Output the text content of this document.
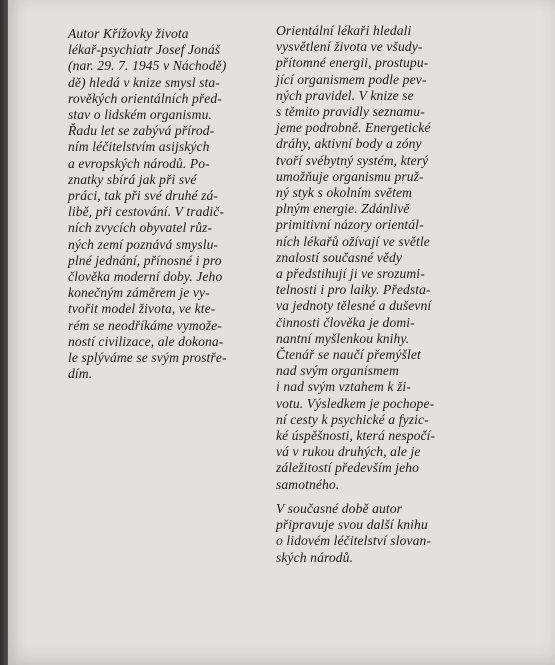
Autor Křížovky života
lékař-psychiatr Josef Jonáš
(nar. 29. 7. 1945 v Náchodě)
dě) hledá v knize smysl sta-
rověkých orientálních před-
stav o lidském organismu.
Řadu let se zabývá přírod-
ním léčitelstvím asijských
a evropských národů. Po-
znatky sbírá jak při své
práci, tak při své druhé zá-
libě, při cestování. V tradič-
ních zvycích obyvatel růz-
ných zemí poznává smyslu-
plné jednání, přínosné i pro
člověka moderní doby. Jeho
konečným záměrem je vy-
tvořit model života, ve kte-
rém se neodříkáme vymože-
ností civilizace, ale dokona-
le splýváme se svým prostře-
dím.
Orientální lékaři hledali
vysvětlení života ve všudy-
přítomné energii, prostupu-
jící organismem podle pev-
ných pravidel. V knize se
s těmito pravidly seznamu-
jeme podrobně. Energetické
dráhy, aktivní body a zóny
tvoří svébytný systém, který
umožňuje organismu pruž-
ný styk s okolním světem
plným energie. Zdánlivě
primitivní názory orientál-
ních lékařů ožívají ve světle
znalostí současné vědy
a předstihují ji ve srozumi-
telnosti i pro laiky. Předsta-
va jednoty tělesné a duševní
činnosti člověka je domi-
nantní myšlenkou knihy.
Čtenář se naučí přemýšlet
nad svým organismem
i nad svým vztahem k ži-
votu. Výsledkem je pochope-
ní cesty k psychické a fyzic-
ké úspěšnosti, která nespočí-
vá v rukou druhých, ale je
záležitostí především jeho
samotného.
V současné době autor
připravuje svou další knihu
o lidovém léčitelství slovan-
ských národů.
